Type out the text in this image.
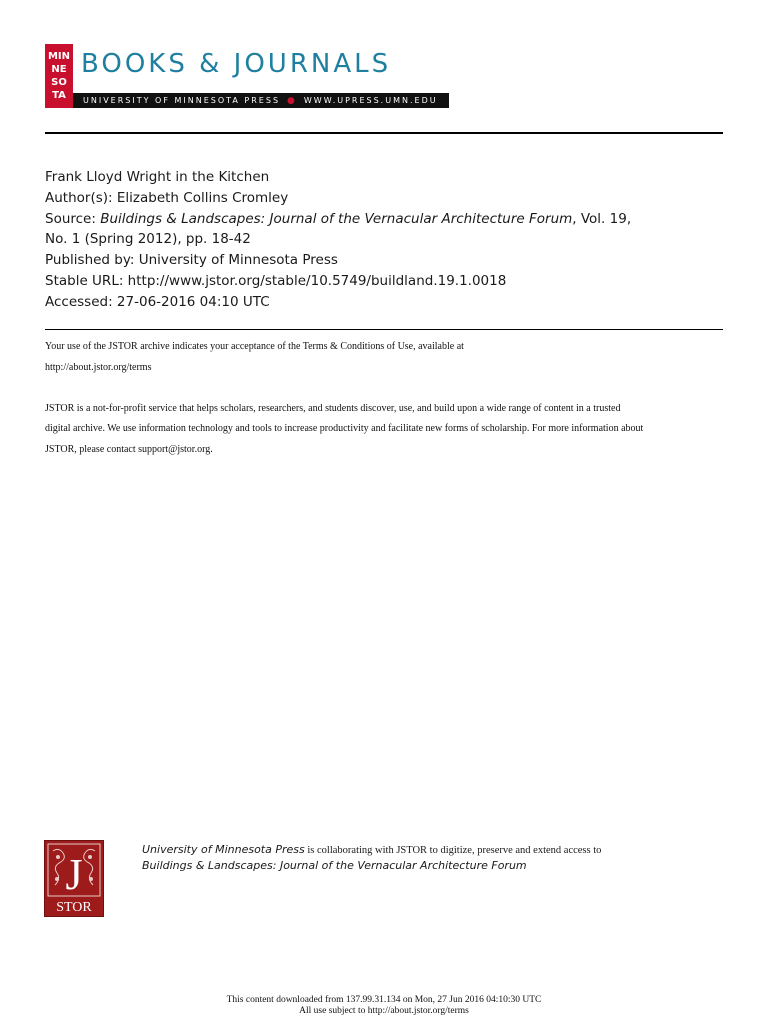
MIN
NE
SO
TA
BOOKS & JOURNALS
UNIVERSITY OF MINNESOTA PRESS ● WWW.UPRESS.UMN.EDU
Frank Lloyd Wright in the Kitchen
Author(s): Elizabeth Collins Cromley
Source: Buildings & Landscapes: Journal of the Vernacular Architecture Forum, Vol. 19,
No. 1 (Spring 2012), pp. 18-42
Published by: University of Minnesota Press
Stable URL: http://www.jstor.org/stable/10.5749/buildland.19.1.0018
Accessed: 27-06-2016 04:10 UTC
Your use of the JSTOR archive indicates your acceptance of the Terms & Conditions of Use, available at
http://about.jstor.org/terms
JSTOR is a not-for-profit service that helps scholars, researchers, and students discover, use, and build upon a wide range of content in a trusted
digital archive. We use information technology and tools to increase productivity and facilitate new forms of scholarship. For more information about
JSTOR, please contact support@jstor.org.
J
STOR
University of Minnesota Press is collaborating with JSTOR to digitize, preserve and extend access to
Buildings & Landscapes: Journal of the Vernacular Architecture Forum
This content downloaded from 137.99.31.134 on Mon, 27 Jun 2016 04:10:30 UTC
All use subject to http://about.jstor.org/terms
